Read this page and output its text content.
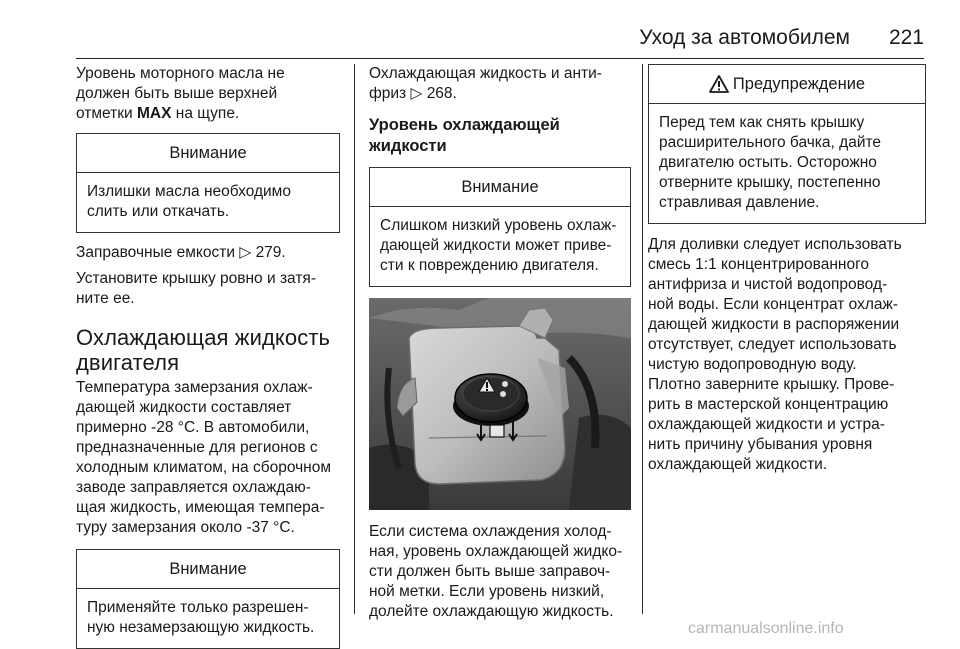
Уход за автомобилем 221

Уровень моторного масла не
должен быть выше верхней
отметки MAX на щупе.

Внимание
Излишки масла необходимо
слить или откачать.

Заправочные емкости ▷ 279.

Установите крышку ровно и затя-
ните ее.

Охлаждающая жидкость
двигателя

Температура замерзания охлаж-
дающей жидкости составляет
примерно -28 °C. В автомобили,
предназначенные для регионов с
холодным климатом, на сборочном
заводе заправляется охлаждаю-
щая жидкость, имеющая темпера-
туру замерзания около -37 °C.

Внимание
Применяйте только разрешен-
ную незамерзающую жидкость.

Охлаждающая жидкость и анти-
фриз ▷ 268.

Уровень охлаждающей
жидкости
Внимание
Слишком низкий уровень охлаж-
дающей жидкости может приве-
сти к повреждению двигателя.

Если система охлаждения холод-
ная, уровень охлаждающей жидко-
сти должен быть выше заправоч-
ной метки. Если уровень низкий,
долейте охлаждающую жидкость.

Предупреждение
Перед тем как снять крышку
расширительного бачка, дайте
двигателю остыть. Осторожно
отверните крышку, постепенно
стравливая давление.

Для доливки следует использовать
смесь 1:1 концентрированного
антифриза и чистой водопровод-
ной воды. Если концентрат охлаж-
дающей жидкости в распоряжении
отсутствует, следует использовать
чистую водопроводную воду.
Плотно заверните крышку. Прове-
рить в мастерской концентрацию
охлаждающей жидкости и устра-
нить причину убывания уровня
охлаждающей жидкости.

carmanualsonline.info
